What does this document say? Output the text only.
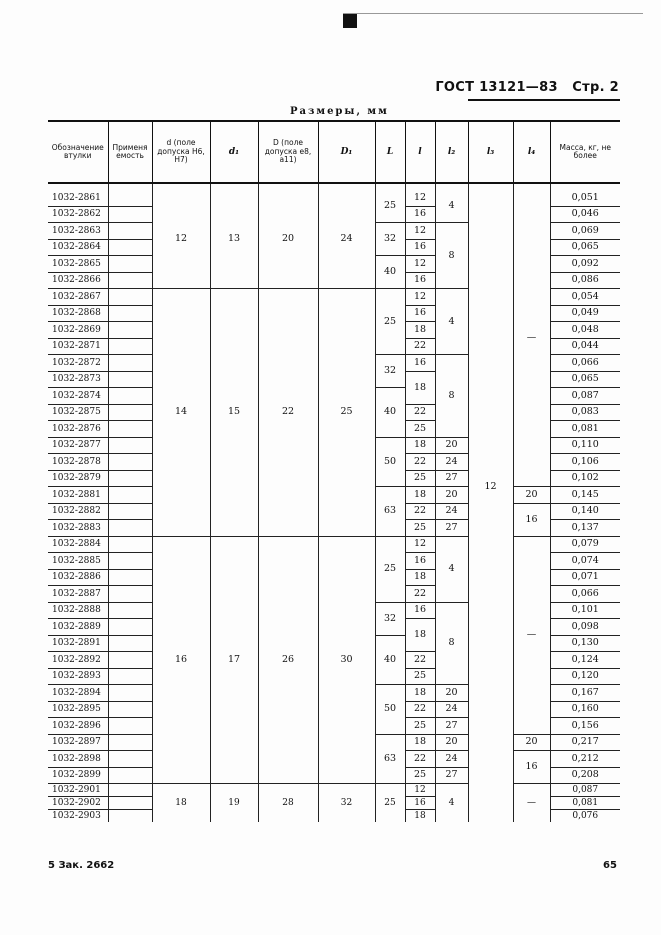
ГОСТ 13121—83 Стр. 2
Размеры, мм
Обозначение втулки	Применяемость	d (поле допуска H6, H7)	d₁	D (поле допуска e8, a11)	D₁	L	l	l₂	l₃	l₄	Масса, кг, не более

1032-2861		12	13	20	24	25	12	4	12	—	0,051
1032-2862							16				0,046
1032-2863						32	12	8			0,069
1032-2864							16				0,065
1032-2865						40	12				0,092
1032-2866							16				0,086
1032-2867		14	15	22	25	25	12	4			0,054
1032-2868							16				0,049
1032-2869							18				0,048
1032-2871							22				0,044
1032-2872						32	16	8			0,066
1032-2873							18				0,065
1032-2874						40					0,087
1032-2875							22				0,083
1032-2876							25				0,081
1032-2877						50	18	20			0,110
1032-2878							22	24			0,106
1032-2879							25	27			0,102
1032-2881						63	18	20		20	0,145
1032-2882							22	24		16	0,140
1032-2883							25	27			0,137
1032-2884		16	17	26	30	25	12	4		—	0,079
1032-2885							16				0,074
1032-2886							18				0,071
1032-2887							22				0,066
1032-2888						32	16	8			0,101
1032-2889							18				0,098
1032-2891						40					0,130
1032-2892							22				0,124
1032-2893							25				0,120
1032-2894						50	18	20			0,167
1032-2895							22	24			0,160
1032-2896							25	27			0,156
1032-2897						63	18	20		20	0,217
1032-2898							22	24		16	0,212
1032-2899							25	27			0,208
1032-2901		18	19	28	32	25	12	4		—	0,087
1032-2902							16				0,081
1032-2903							18				0,076
5 Зак. 2662	65
